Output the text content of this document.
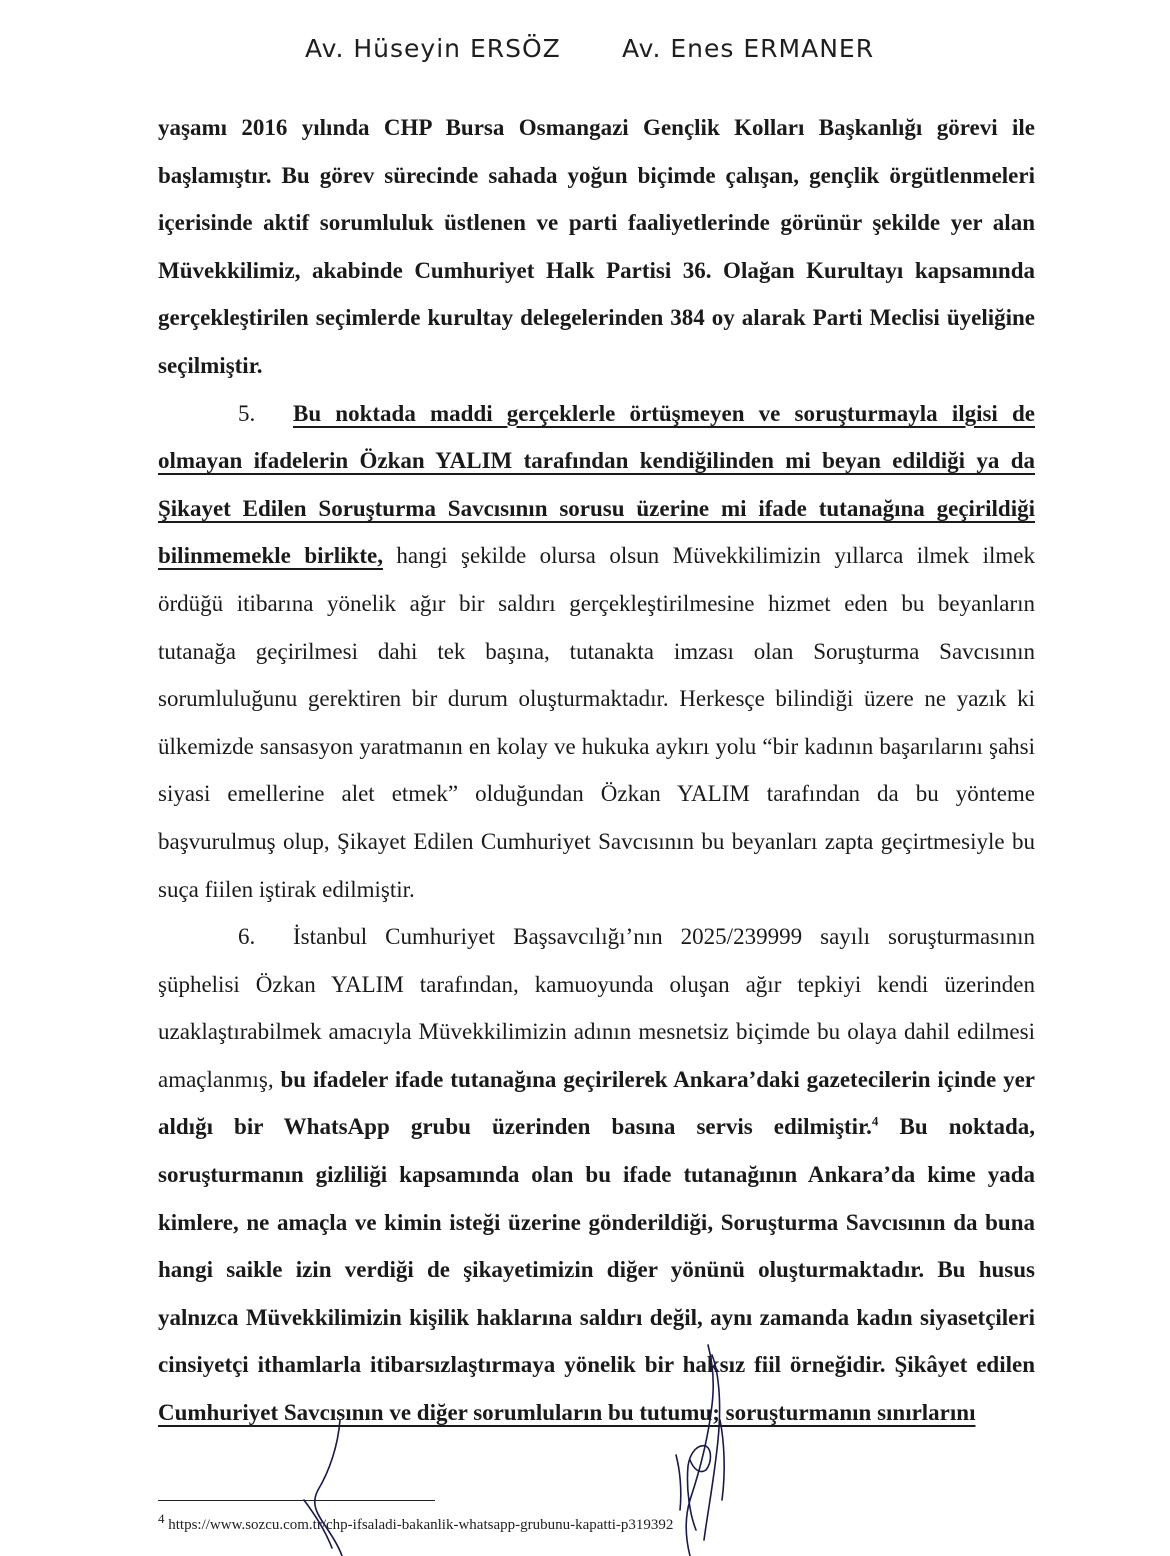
Av. Hüseyin ERSÖZ Av. Enes ERMANER

yaşamı 2016 yılında CHP Bursa Osmangazi Gençlik Kolları Başkanlığı görevi ile başlamıştır. Bu görev sürecinde sahada yoğun biçimde çalışan, gençlik örgütlenmeleri içerisinde aktif sorumluluk üstlenen ve parti faaliyetlerinde görünür şekilde yer alan Müvekkilimiz, akabinde Cumhuriyet Halk Partisi 36. Olağan Kurultayı kapsamında gerçekleştirilen seçimlerde kurultay delegelerinden 384 oy alarak Parti Meclisi üyeliğine seçilmiştir.

5. Bu noktada maddi gerçeklerle örtüşmeyen ve soruşturmayla ilgisi de olmayan ifadelerin Özkan YALIM tarafından kendiğilinden mi beyan edildiği ya da Şikayet Edilen Soruşturma Savcısının sorusu üzerine mi ifade tutanağına geçirildiği bilinmemekle birlikte, hangi şekilde olursa olsun Müvekkilimizin yıllarca ilmek ilmek ördüğü itibarına yönelik ağır bir saldırı gerçekleştirilmesine hizmet eden bu beyanların tutanağa geçirilmesi dahi tek başına, tutanakta imzası olan Soruşturma Savcısının sorumluluğunu gerektiren bir durum oluşturmaktadır. Herkesçe bilindiği üzere ne yazık ki ülkemizde sansasyon yaratmanın en kolay ve hukuka aykırı yolu “bir kadının başarılarını şahsi siyasi emellerine alet etmek” olduğundan Özkan YALIM tarafından da bu yönteme başvurulmuş olup, Şikayet Edilen Cumhuriyet Savcısının bu beyanları zapta geçirtmesiyle bu suça fiilen iştirak edilmiştir.

6. İstanbul Cumhuriyet Başsavcılığı’nın 2025/239999 sayılı soruşturmasının şüphelisi Özkan YALIM tarafından, kamuoyunda oluşan ağır tepkiyi kendi üzerinden uzaklaştırabilmek amacıyla Müvekkilimizin adının mesnetsiz biçimde bu olaya dahil edilmesi amaçlanmış, bu ifadeler ifade tutanağına geçirilerek Ankara’daki gazetecilerin içinde yer aldığı bir WhatsApp grubu üzerinden basına servis edilmiştir.$^4$ Bu noktada, soruşturmanın gizliliği kapsamında olan bu ifade tutanağının Ankara’da kime yada kimlere, ne amaçla ve kimin isteği üzerine gönderildiği, Soruşturma Savcısının da buna hangi saikle izin verdiği de şikayetimizin diğer yönünü oluşturmaktadır. Bu husus yalnızca Müvekkilimizin kişilik haklarına saldırı değil, aynı zamanda kadın siyasetçileri cinsiyetçi ithamlarla itibarsızlaştırmaya yönelik bir haksız fiil örneğidir. Şikâyet edilen Cumhuriyet Savcısının ve diğer sorumluların bu tutumu; soruşturmanın sınırlarını

$^4$ https://www.sozcu.com.tr/chp-ifsaladi-bakanlik-whatsapp-grubunu-kapatti-p319392
